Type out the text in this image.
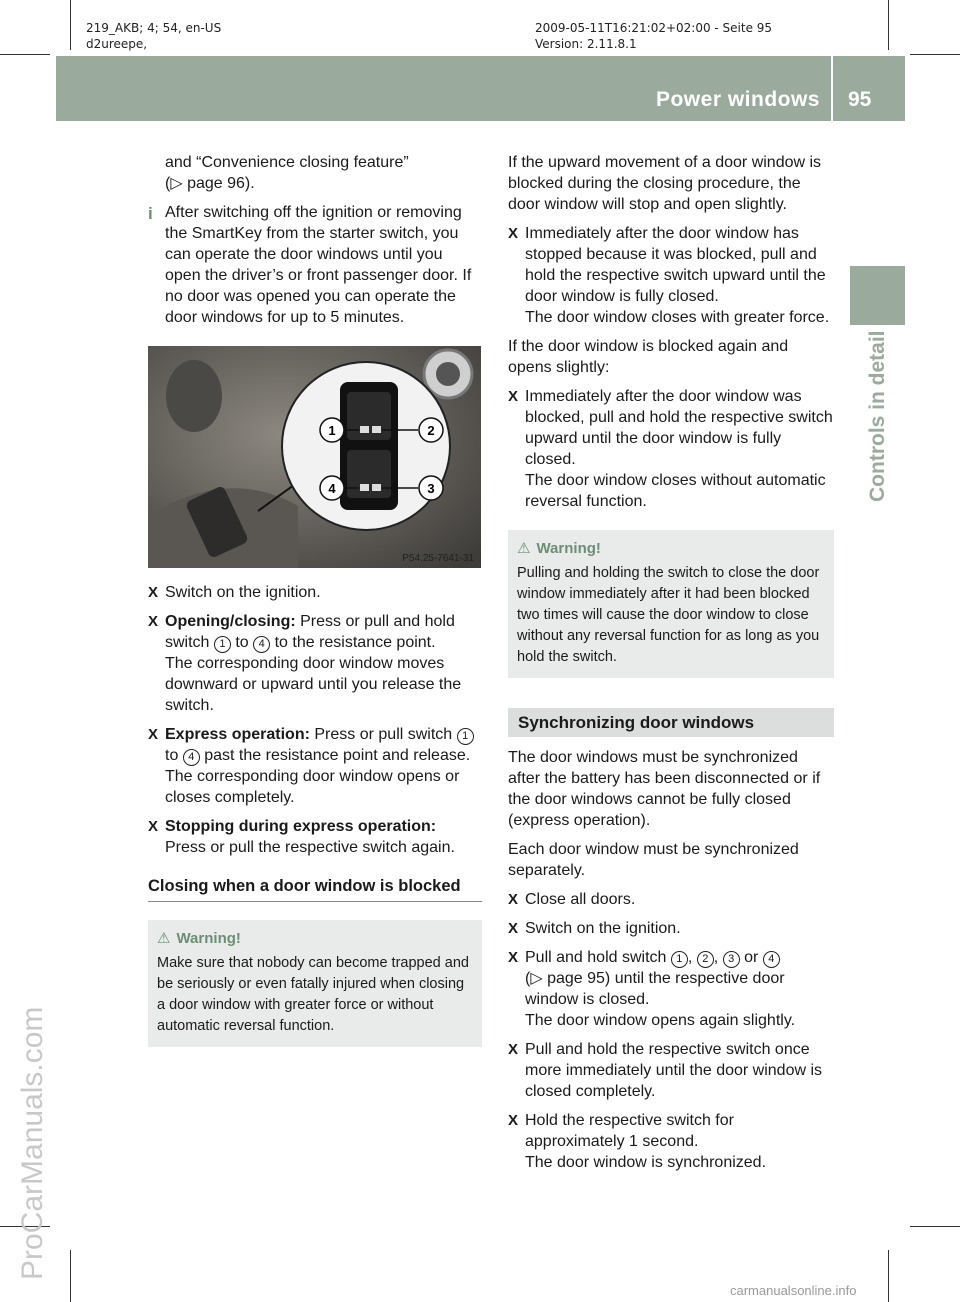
219_AKB; 4; 54, en-US
d2ureepe,
2009-05-11T16:21:02+02:00 - Seite 95
Version: 2.11.8.1
Power windows 95
Controls in detail
ProCarManuals.com
carmanualsonline.info

and “Convenience closing feature”
(▷ page 96).

i After switching off the ignition or removing the SmartKey from the starter switch, you can operate the door windows until you open the driver’s or front passenger door. If no door was opened you can operate the door windows for up to 5 minutes.
1	2
3
4
P54.25-7641-31
X Switch on the ignition.
X Opening/closing: Press or pull and hold switch 1 to 4 to the resistance point.
The corresponding door window moves downward or upward until you release the switch.
X Express operation: Press or pull switch 1 to 4 past the resistance point and release.
The corresponding door window opens or closes completely.
X Stopping during express operation:
Press or pull the respective switch again.
Closing when a door window is blocked
⚠ Warning!
Make sure that nobody can become trapped and be seriously or even fatally injured when closing a door window with greater force or without automatic reversal function.

If the upward movement of a door window is blocked during the closing procedure, the door window will stop and open slightly.

X Immediately after the door window has stopped because it was blocked, pull and hold the respective switch upward until the door window is fully closed.
The door window closes with greater force.

If the door window is blocked again and opens slightly:

X Immediately after the door window was blocked, pull and hold the respective switch upward until the door window is fully closed.
The door window closes without automatic reversal function.
⚠ Warning!
Pulling and holding the switch to close the door window immediately after it had been blocked two times will cause the door window to close without any reversal function for as long as you hold the switch.
Synchronizing door windows

The door windows must be synchronized after the battery has been disconnected or if the door windows cannot be fully closed (express operation).

Each door window must be synchronized separately.

X Close all doors.
X Switch on the ignition.
X Pull and hold switch 1 , 2 , 3 or 4
(▷ page 95) until the respective door window is closed.
The door window opens again slightly.
X Pull and hold the respective switch once more immediately until the door window is closed completely.
X Hold the respective switch for approximately 1 second.
The door window is synchronized.
